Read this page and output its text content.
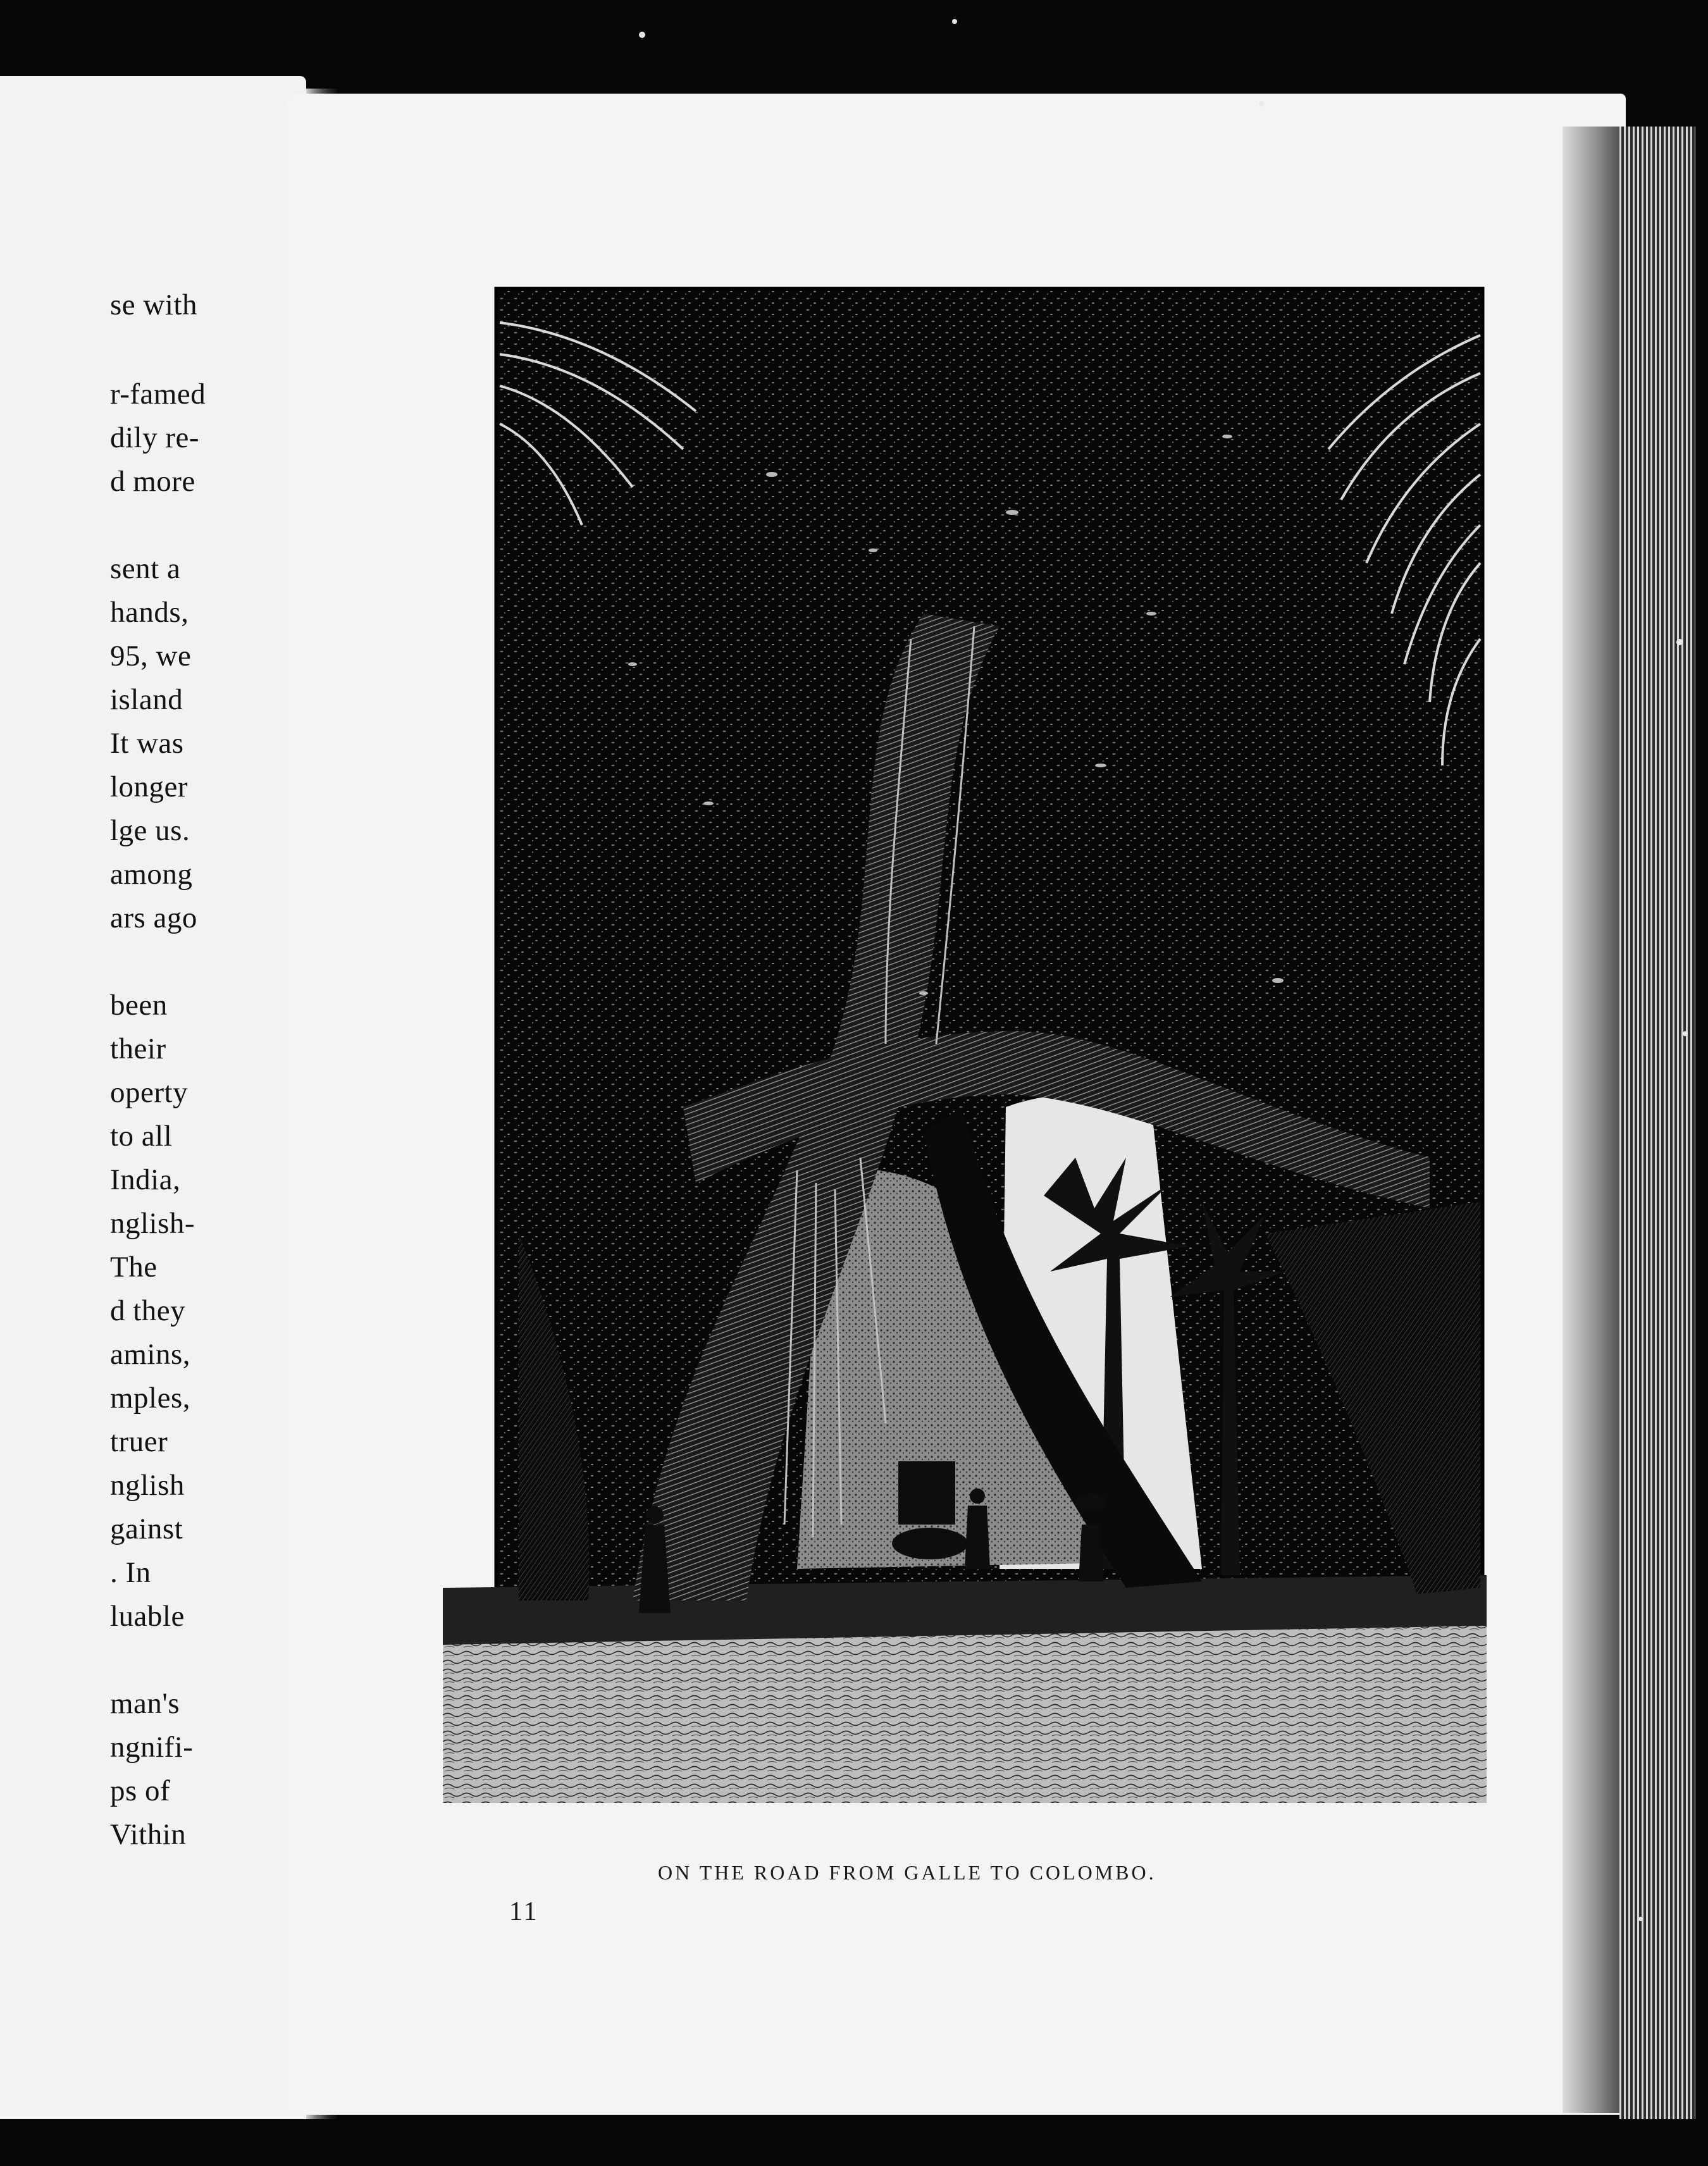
se with
r-famed
dily re-
d more
sent a
hands,
95, we
island
It was
longer
lge us.
among
ars ago
been
their
operty
to all
India,
nglish-
The
d they
amins,
mples,
truer
nglish
gainst
. In
luable
man's
ngnifi-
ps of
Vithin
ON THE ROAD FROM GALLE TO COLOMBO.
11
